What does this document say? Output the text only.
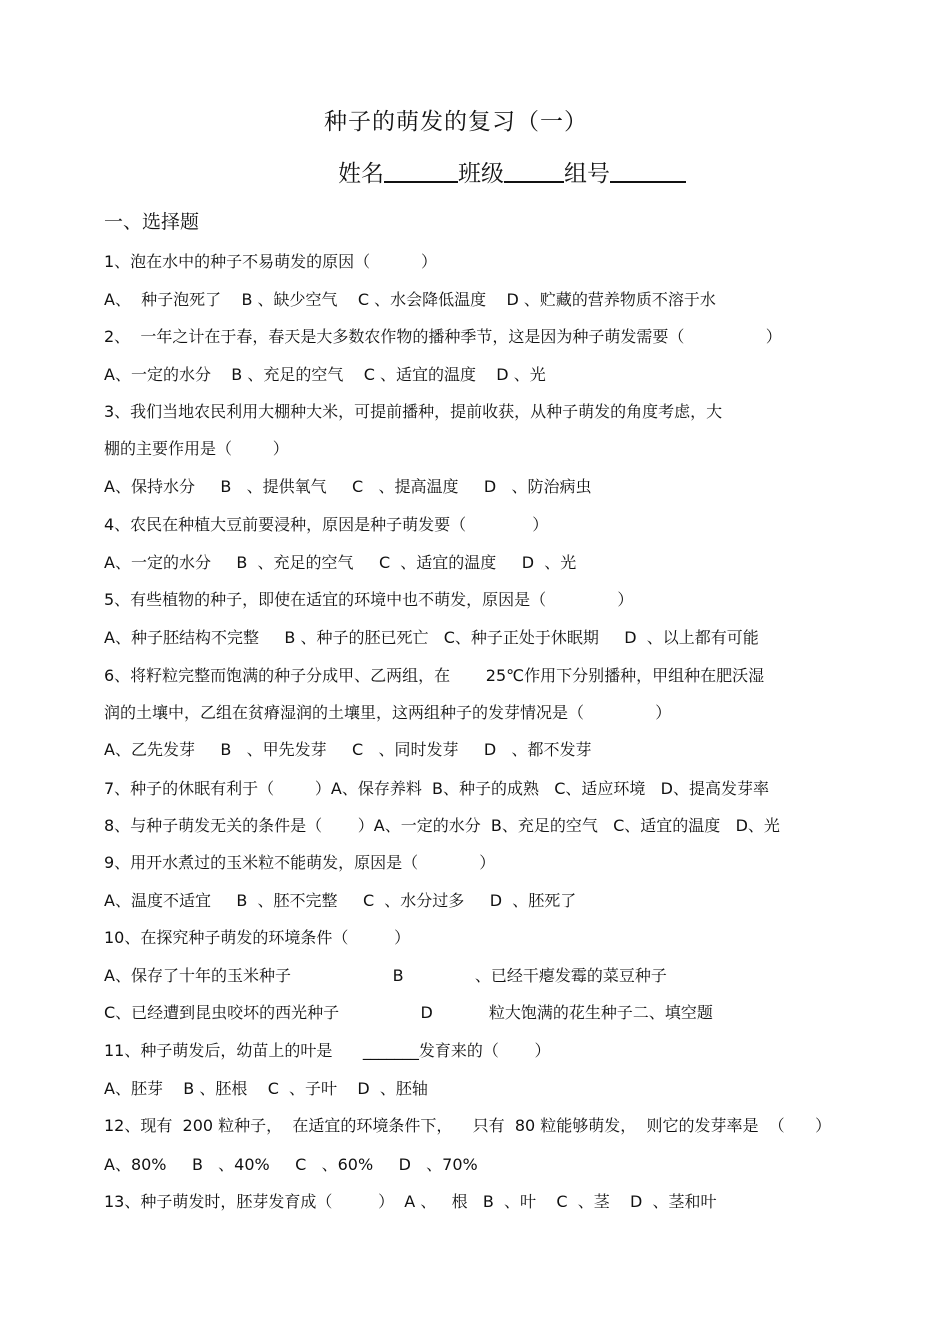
种子的萌发的复习（一）
姓名	班级	组号
一、选择题
1、泡在水中的种子不易萌发的原因（          ）
A、  种子泡死了    B 、缺少空气    C 、水会降低温度    D 、贮藏的营养物质不溶于水
2、  一年之计在于春，春天是大多数农作物的播种季节，这是因为种子萌发需要（                ）
A、一定的水分    B 、充足的空气    C 、适宜的温度    D 、光
3、我们当地农民利用大棚种大米，可提前播种，提前收获，从种子萌发的角度考虑，大
棚的主要作用是（        ）
A、保持水分     B   、提供氧气     C   、提高温度     D   、防治病虫
4、农民在种植大豆前要浸种，原因是种子萌发要（             ）
A、一定的水分     B  、充足的空气     C  、适宜的温度     D  、光
5、有些植物的种子，即使在适宜的环境中也不萌发，原因是（              ）
A、种子胚结构不完整     B 、种子的胚已死亡   C、种子正处于休眠期     D  、以上都有可能
6、将籽粒完整而饱满的种子分成甲、乙两组，在       25℃作用下分别播种，甲组种在肥沃湿
润的土壤中，乙组在贫瘠湿润的土壤里，这两组种子的发芽情况是（              ）
A、乙先发芽     B   、甲先发芽     C   、同时发芽     D   、都不发芽
7、种子的休眠有利于（        ）A、保存养料  B、种子的成熟   C、适应环境   D、提高发芽率
8、与种子萌发无关的条件是（       ）A、一定的水分  B、充足的空气   C、适宜的温度   D、光
9、用开水煮过的玉米粒不能萌发，原因是（            ）
A、温度不适宜     B  、胚不完整     C  、水分过多     D  、胚死了
10、在探究种子萌发的环境条件（         ）
A、保存了十年的玉米种子                    B              、已经干瘪发霉的菜豆种子
C、已经遭到昆虫咬坏的西光种子                D           粒大饱满的花生种子二、填空题
11、种子萌发后，幼苗上的叶是      _______发育来的（       ）
A、胚芽    B 、胚根    C  、子叶    D  、胚轴
12、现有  200 粒种子，  在适宜的环境条件下，    只有  80 粒能够萌发，  则它的发芽率是  （      ）
A、80%     B   、40%     C   、60%     D   、70%
13、种子萌发时，胚芽发育成（         ）  A 、   根   B  、叶    C  、茎    D  、茎和叶
